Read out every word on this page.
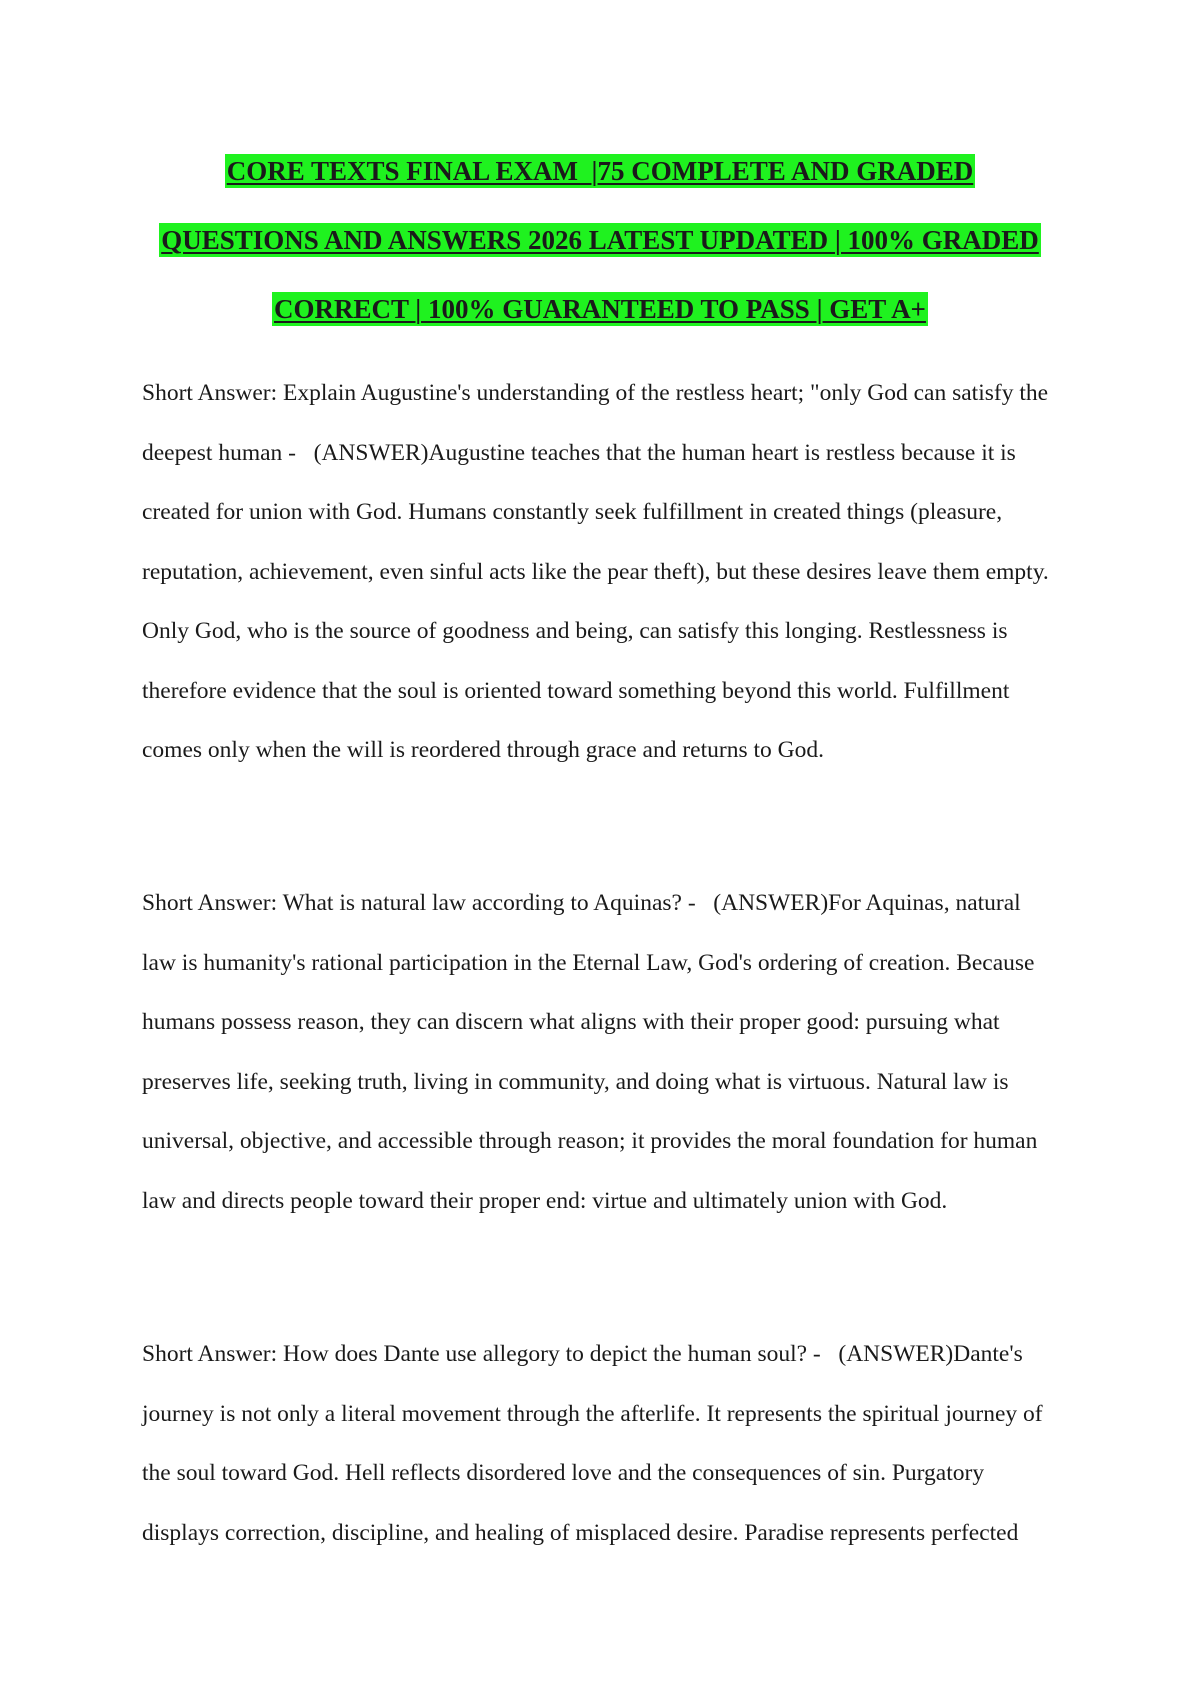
CORE TEXTS FINAL EXAM  |75 COMPLETE AND GRADED
QUESTIONS AND ANSWERS 2026 LATEST UPDATED | 100% GRADED
CORRECT | 100% GUARANTEED TO PASS | GET A+
Short Answer: Explain Augustine's understanding of the restless heart; "only God can satisfy the
deepest human -   (ANSWER)Augustine teaches that the human heart is restless because it is
created for union with God. Humans constantly seek fulfillment in created things (pleasure,
reputation, achievement, even sinful acts like the pear theft), but these desires leave them empty.
Only God, who is the source of goodness and being, can satisfy this longing. Restlessness is
therefore evidence that the soul is oriented toward something beyond this world. Fulfillment
comes only when the will is reordered through grace and returns to God.
Short Answer: What is natural law according to Aquinas? -   (ANSWER)For Aquinas, natural
law is humanity's rational participation in the Eternal Law, God's ordering of creation. Because
humans possess reason, they can discern what aligns with their proper good: pursuing what
preserves life, seeking truth, living in community, and doing what is virtuous. Natural law is
universal, objective, and accessible through reason; it provides the moral foundation for human
law and directs people toward their proper end: virtue and ultimately union with God.
Short Answer: How does Dante use allegory to depict the human soul? -   (ANSWER)Dante's
journey is not only a literal movement through the afterlife. It represents the spiritual journey of
the soul toward God. Hell reflects disordered love and the consequences of sin. Purgatory
displays correction, discipline, and healing of misplaced desire. Paradise represents perfected
